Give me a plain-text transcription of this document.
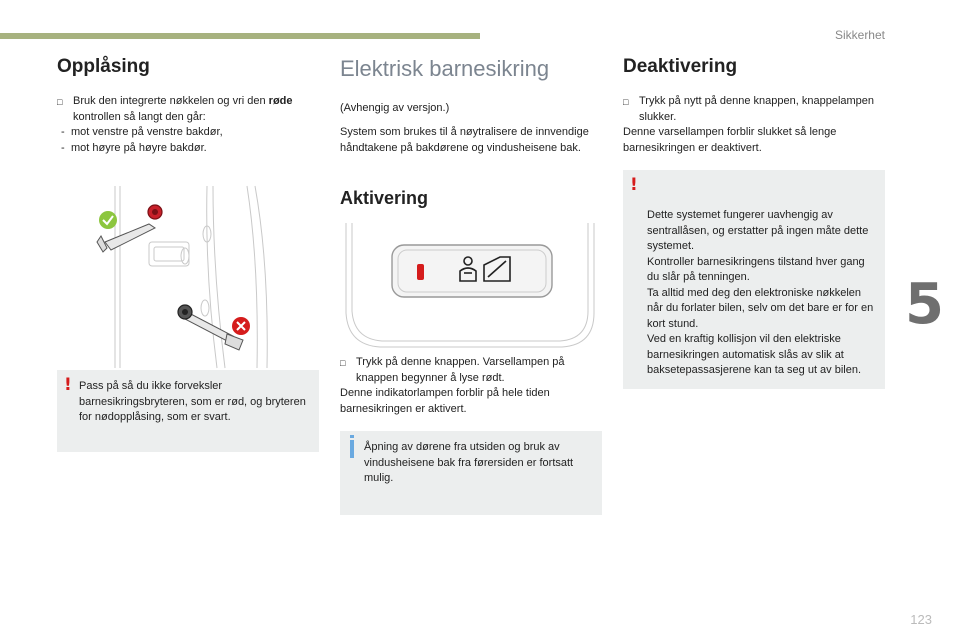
Sikkerhet
5
Opplåsing
□ Bruk den integrerte nøkkelen og vri den røde kontrollen så langt den går:
- mot venstre på venstre bakdør,
- mot høyre på høyre bakdør.
! Pass på så du ikke forveksler barnesikringsbryteren, som er rød, og bryteren for nødopplåsing, som er svart.
Elektrisk barnesikring

(Avhengig av versjon.)

System som brukes til å nøytralisere de innvendige håndtakene på bakdørene og vindusheisene bak.

Aktivering
□ Trykk på denne knappen. Varsellampen på knappen begynner å lyse rødt.
Denne indikatorlampen forblir på hele tiden barnesikringen er aktivert.
Åpning av dørene fra utsiden og bruk av vindusheisene bak fra førersiden er fortsatt mulig.
Deaktivering
□ Trykk på nytt på denne knappen, knappelampen slukker.
Denne varsellampen forblir slukket så lenge barnesikringen er deaktivert.

!

Dette systemet fungerer uavhengig av sentrallåsen, og erstatter på ingen måte dette systemet.
Kontroller barnesikringens tilstand hver gang du slår på tenningen.
Ta alltid med deg den elektroniske nøkkelen når du forlater bilen, selv om det bare er for en kort stund.
Ved en kraftig kollisjon vil den elektriske barnesikringen automatisk slås av slik at baksetepassasjerene kan ta seg ut av bilen.

123
